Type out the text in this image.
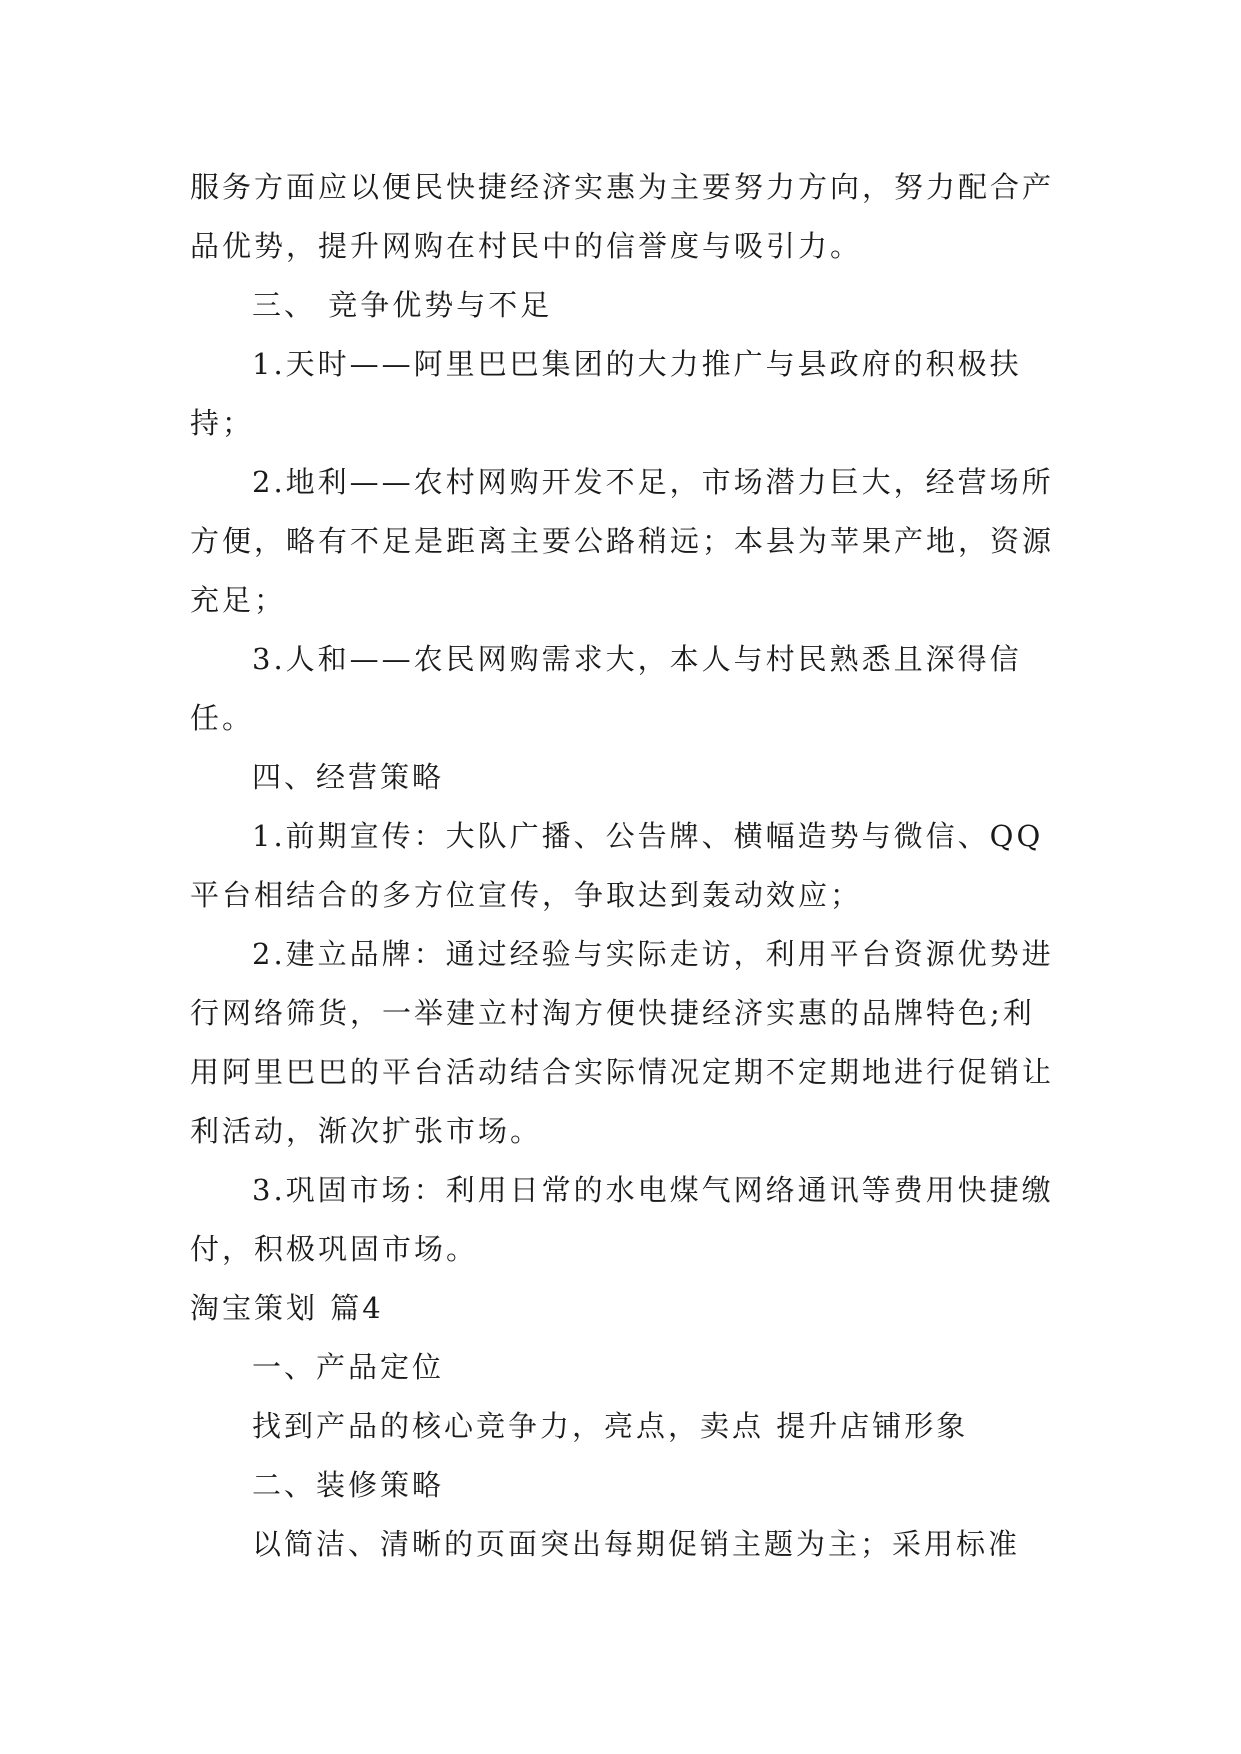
服务方面应以便民快捷经济实惠为主要努力方向，努力配合产品优势，提升网购在村民中的信誉度与吸引力。

三、 竞争优势与不足

1.天时——阿里巴巴集团的大力推广与县政府的积极扶持；

2.地利——农村网购开发不足，市场潜力巨大，经营场所方便，略有不足是距离主要公路稍远；本县为苹果产地，资源充足；

3.人和——农民网购需求大，本人与村民熟悉且深得信任。

四、经营策略

1.前期宣传：大队广播、公告牌、横幅造势与微信、QQ平台相结合的多方位宣传，争取达到轰动效应；

2.建立品牌：通过经验与实际走访，利用平台资源优势进行网络筛货，一举建立村淘方便快捷经济实惠的品牌特色;利用阿里巴巴的平台活动结合实际情况定期不定期地进行促销让利活动，渐次扩张市场。

3.巩固市场：利用日常的水电煤气网络通讯等费用快捷缴付，积极巩固市场。

淘宝策划 篇4

一、产品定位

找到产品的核心竞争力，亮点，卖点 提升店铺形象

二、装修策略

以简洁、清晰的页面突出每期促销主题为主；采用标准
